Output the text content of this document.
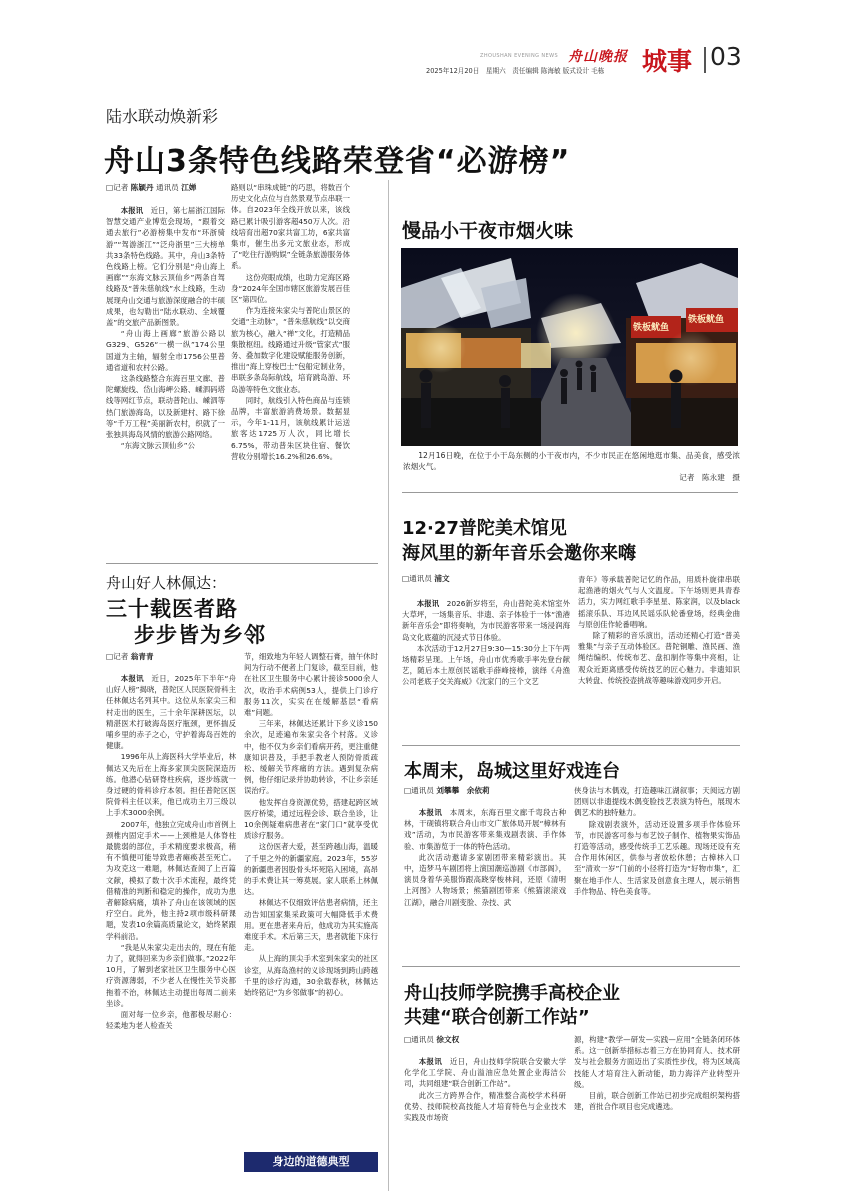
ZHOUSHAN EVENING NEWS 舟山晚报
2025年12月20日　星期六　责任编辑 陈海敏 版式设计 毛栋 城事 03
陆水联动焕新彩
舟山3条特色线路荣登省“必游榜”
□记者 陈颖丹 通讯员 江婵

本报讯　 近日，第七届浙江国际智慧交通产业博览会现场，“跟着交通去旅行”必游榜集中发布“环浙骑游”“驾游浙江”“泛舟浙里”三大榜单共33条特色线路。其中，舟山3条特色线路上榜。它们分别是“舟山海上画廊”“东海文脉云顶仙乡”两条自驾线路及“普朱慈航线”水上线路，生动展现舟山交通与旅游深度融合的丰硕成果，也勾勒出“陆水联动、全域覆盖”的交旅产品新图景。

“舟山海上画廊”旅游公路以G329、G526“一横一纵”174公里国道为主轴，辐射全市1756公里普通省道和农村公路。

这条线路整合东海百里文廊、普陀螺旋线、岱山海岬公路、嵊泗码塔线等网红节点，联动普陀山、嵊泗等热门旅游海岛，以及新建村、路下徐等“千万工程”美丽新农村，织就了一张独具海岛风情的旅游公路网络。

“东海文脉云顶仙乡”公

路则以“串珠成链”的巧思，将数百个历史文化点位与自然景观节点串联一体。自2023年全线开放以来，该线路已累计吸引游客超450万人次。沿线培育出超70家共富工坊，6家共富集市，催生出多元文旅业态，形成了“吃住行游购娱”全链条旅游服务体系。

这份亮眼成绩，也助力定海区路身“2024年全国市辖区旅游发展百佳区”第四位。

作为连接朱家尖与普陀山景区的交通“主动脉”，“普朱慈航线”以交商旅为核心，融入“禅”文化，打造精品集散枢纽。线路通过升级“管家式”服务、叠加数字化建设赋能服务创新，推出“海上穿梭巴士”包船定制业务，串联多条岛际航线，培育跳岛游、环岛游等特色文旅业态。

同时，航线引入特色商品与连锁品牌，丰富旅游消费场景。数据显示，今年1-11月，该航线累计运送旅客达1725万人次，同比增长6.75%，带动普朱区块住宿、餐饮营收分别增长16.2%和26.6%。

慢品小干夜市烟火味
铁板鱿鱼
铁板鱿鱼

12月16日晚，在位于小干岛东侧的小干夜市内，不少市民正在悠闲地逛市集、品美食，感受浓浓烟火气。

记者　 陈永建　 摄

12·27普陀美术馆见
海风里的新年音乐会邀你来嗨
□通讯员 浦文

本报讯　 2026新岁将至，舟山普陀美术馆室外大草坪，一场集音乐、非遗、亲子体验于一体“渔港新年音乐会”即将奏响，为市民游客带来一场浸润海岛文化底蕴的沉浸式节日体验。

本次活动于12月27日9:30—15:30分上下午两场精彩呈现。上午场，舟山市优秀歌手率先登台献艺，随后本土原创民谣歌手薛峰接棒，演绎《舟渔公司老底子交关海威》《沈家门的三个文艺

青年》等承载普陀记忆的作品，用质朴旋律串联起渔港的烟火气与人文温度。下午场则更具青春活力，实力网红歌手李星星、陈家润，以及black摇滚乐队、耳边风民谣乐队轮番登场，经典金曲与原创佳作轮番唱响。

除了精彩的音乐演出，活动还精心打造“普美雅集”与亲子互动体验区。普陀铜雕、渔民画、渔绳结编织、传统布艺、盘扣制作等集中亮相，让观众近距离感受传统技艺的匠心魅力。非遗知识大转盘、传统投壶挑战等趣味游戏同步开启。

舟山好人林佩达：
三十载医者路
步步皆为乡邻
□记者 翁青青

本报讯　 近日，2025年下半年“舟山好人榜”揭晓，普陀区人民医院骨科主任林佩达名列其中。这位从东家尖三和村走出的医生，三十余年深耕医坛，以精湛医术打破海岛医疗瓶颈，更怀揣反哺乡里的赤子之心，守护着海岛百姓的健康。

1996年从上海医科大学毕业后，林佩达又先后在上海多家顶尖医院深造历练。他潜心钻研脊柱疾病，逐步练就一身过硬的骨科诊疗本领。担任普陀区医院骨科主任以来，他已成功主刀三级以上手术3000余例。

2007年，他独立完成舟山市首例上颈椎内固定手术——上颈椎是人体脊柱最脆弱的部位，手术精度要求极高，稍有不慎便可能导致患者瘫痪甚至死亡。为攻克这一难题，林佩达查阅了上百篇文献，模拟了数十次手术流程，最终凭借精准的判断和稳定的操作，成功为患者解除病痛，填补了舟山在该领域的医疗空白。此外，他主持2项市级科研课题，发表10余篇高质量论文，始终紧跟学科前沿。

“我是从朱家尖走出去的，现在有能力了，就得回来为乡亲们做事。”2022年10月，了解到老家社区卫生服务中心医疗资源薄弱，不少老人在慢性关节炎都拖着不治，林佩达主动提出每周二前来坐诊。

面对每一位乡亲，他都极尽耐心：轻柔地为老人检查关

节，细致地为年轻人调整石膏，抽午休时间为行动不便者上门复诊，截至目前，他在社区卫生服务中心累计接诊5000余人次，收治手术病例53人，提供上门诊疗服务11次，实实在在缓解基层“看病难”问题。

三年来，林佩达还累计下乡义诊150余次，足迹遍布朱家尖各个村落。义诊中，他不仅为乡亲们看病开药，更注重健康知识普及，手把手教老人预防骨质疏松、缓解关节疼痛的方法。遇到复杂病例，他仔细记录并协助转诊，不让乡亲延误治疗。

他发挥自身资源优势，搭建起跨区域医疗桥梁，通过远程会诊、联合坐诊，让10余例疑难病患者在“家门口”就享受优质诊疗服务。

这份医者大爱，甚至跨越山海，温暖了千里之外的新疆家庭。2023年，55岁的新疆患者因股骨头坏死陷入困境，高昂的手术费让其一筹莫展。家人联系上林佩达。

林佩达不仅细致评估患者病情，还主动告知国家集采政策可大幅降低手术费用。更在患者来舟后，他成功为其实施高难度手术。术后第三天，患者就能下床行走。

从上海的顶尖手术室到朱家尖的社区诊室，从海岛渔村的义诊现场到跨山跨越千里的诊疗沟通，30余载春秋，林佩达始终铭记“为乡邻做事”的初心。

身边的道德典型
本周末，岛城这里好戏连台
□通讯员 刘攀攀　余依莉

本报讯　 本周末，东海百里文廊千弯段古种林，干砚镇将联合舟山市文广旅体局开展“樟林有戏”活动，为市民游客带来集戏剧表演、手作体验、市集游览于一体的特色活动。

此次活动邀请多家剧团带来精彩演出。其中，造梦马车剧团将上演国潮巡游剧《市部阁》，演员身着华美服饰跟高跷穿梭林间，还原《清明上河图》人物场景；熊猫剧团带来《熊猫滚滚戏江湖》，融合川剧变脸、杂技、武

侠身法与木偶戏，打造趣味江湖叙事；天阅远方剧团则以非遗提线木偶变脸技艺表演为特色，展现木偶艺术的独特魅力。

除戏剧表演外，活动还设置多项手作体验环节，市民游客可参与布艺饺子制作、植物果实饰品打造等活动，感受传统手工艺乐趣。现场还设有充合作用休闲区，供参与者放松休憩；古樟林入口至“清欢一岁”门前的小径将打造为“好物市集”，汇聚在地手作人、生活家及创意食主理人，展示销售手作物品、特色美食等。

舟山技师学院携手高校企业
共建“联合创新工作站”
□通讯员 徐文权

本报讯　 近日，舟山技师学院联合安徽大学化学化工学院、舟山溢油应急处置企业海洁公司，共同组建“联合创新工作站”。

此次三方跨界合作，精准整合高校学术科研优势、技师院校高技能人才培育特色与企业技术实践及市场资

源，构建“教学—研发—实践—应用”全链条闭环体系。这一创新举措标志着三方在协同育人、技术研发与社会服务方面迈出了实质性步伐，将为区域高技能人才培育注入新动能，助力海洋产业转型升级。

目前，联合创新工作站已初步完成组织架构搭建，首批合作项目也完成遴选。
